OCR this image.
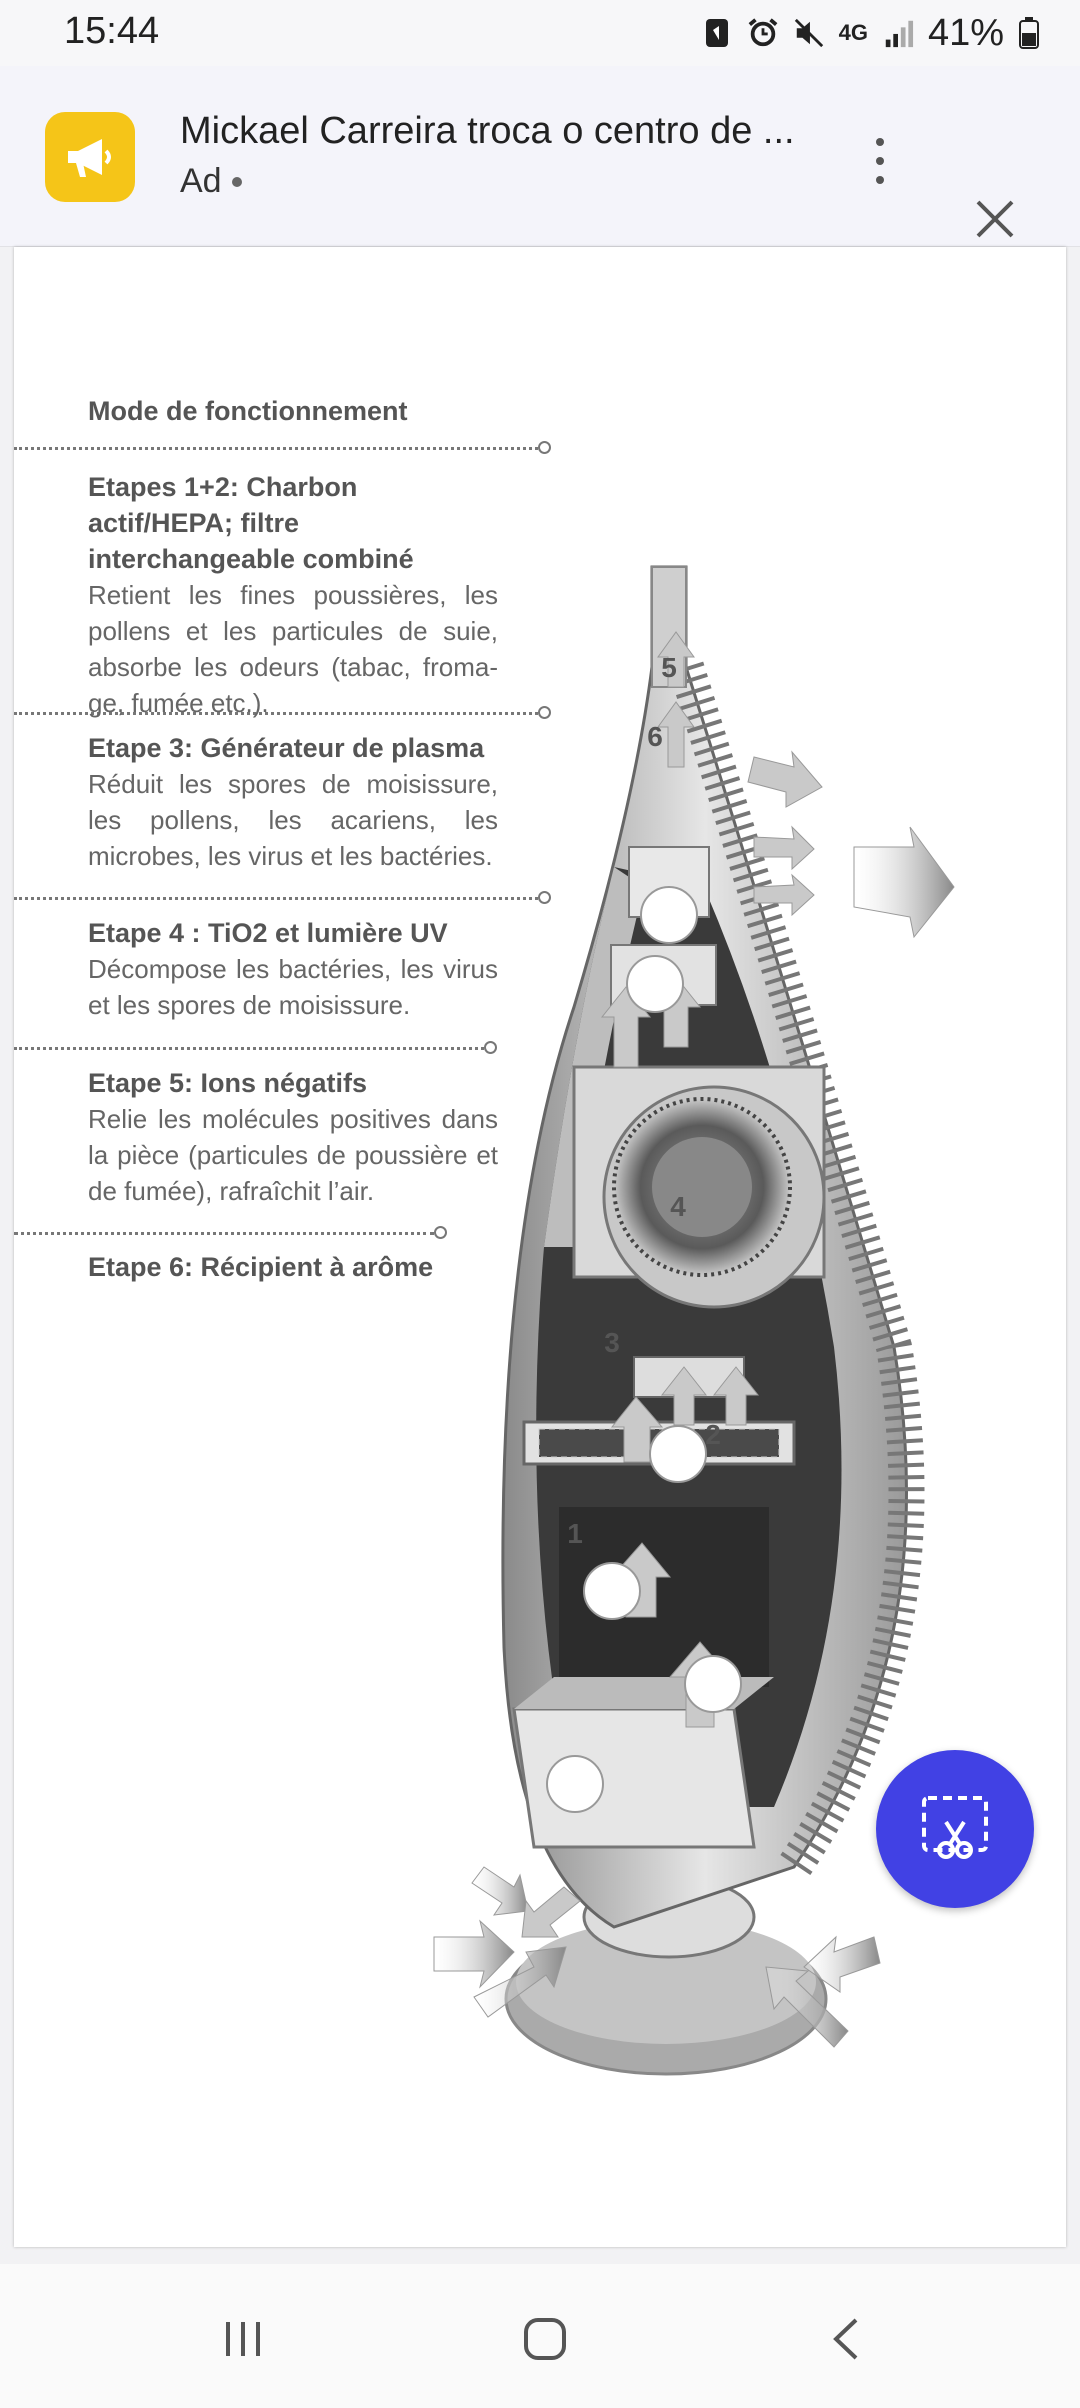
15:44	4G 41%
Mickael Carreira troca o centro de ...
Ad
1
2
3
4
5
6
Mode de fonctionnement
Etapes 1+2: Charbon actif/HEPA; filtre interchangeable combiné
Retient les fines poussières, les pollens et les particules de suie, absorbe les odeurs (tabac, froma-ge, fumée etc.).
Etape 3: Générateur de plasma
Réduit les spores de moisissure, les pollens, les acariens, les microbes, les virus et les bactéries.
Etape 4 : TiO2 et lumière UV
Décompose les bactéries, les virus et les spores de moisissure.
Etape 5: Ions négatifs
Relie les molécules positives dans la pièce (particules de poussière et de fumée), rafraîchit l’air.
Etape 6: Récipient à arôme
